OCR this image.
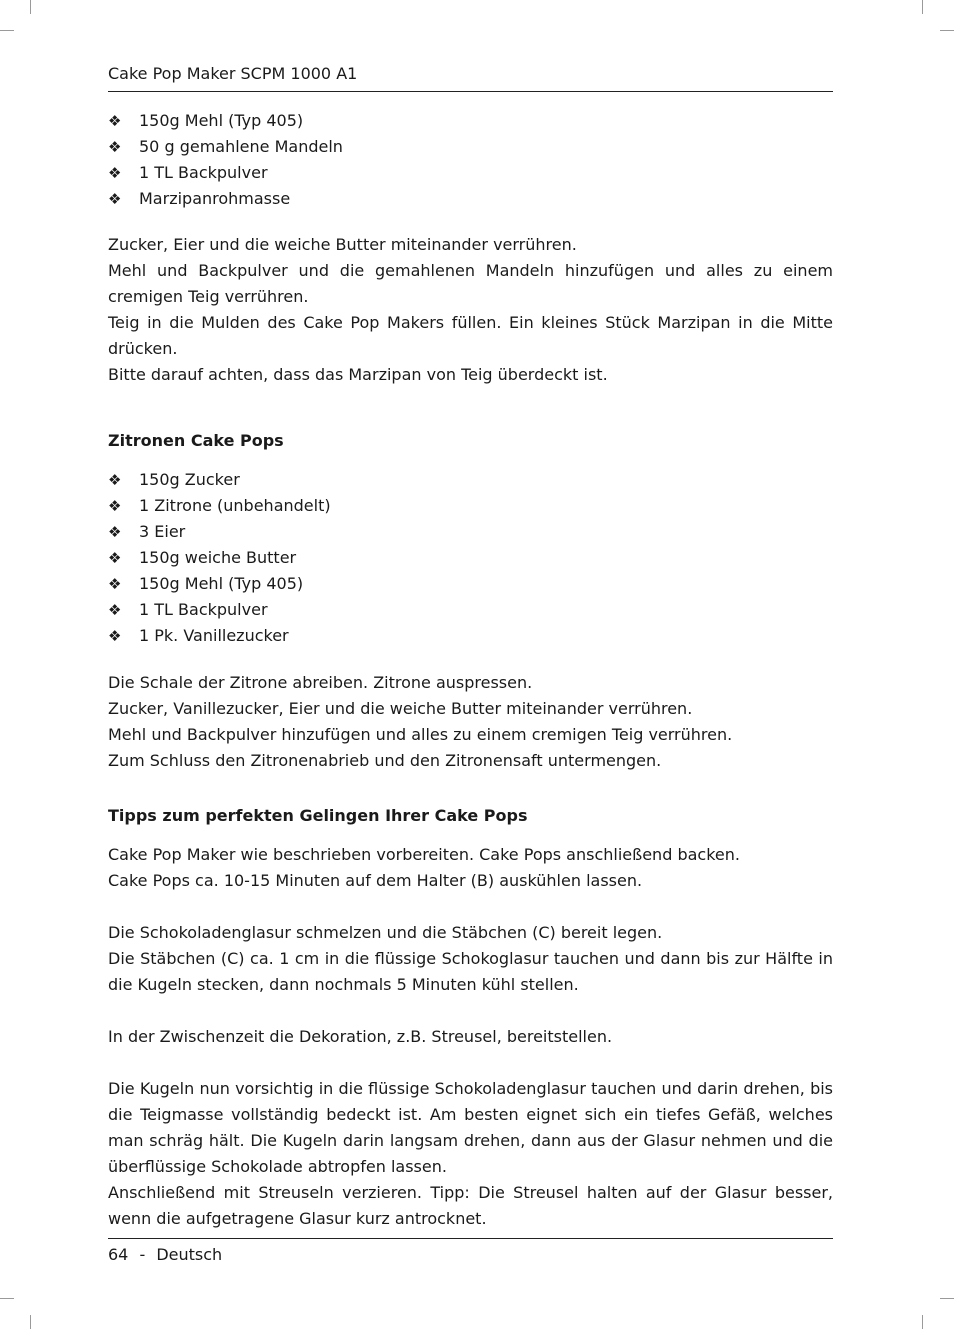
Cake Pop Maker SCPM 1000 A1
❖	150g Mehl (Typ 405)
❖	50 g gemahlene Mandeln
❖	1 TL Backpulver
❖	Marzipanrohmasse

Zucker, Eier und die weiche Butter miteinander verrühren.

Mehl und Backpulver und die gemahlenen Mandeln hinzufügen und alles zu einem cremigen Teig verrühren.

Teig in die Mulden des Cake Pop Makers füllen. Ein kleines Stück Marzipan in die Mitte drücken.

Bitte darauf achten, dass das Marzipan von Teig überdeckt ist.

Zitronen Cake Pops
❖	150g Zucker
❖	1 Zitrone (unbehandelt)
❖	3 Eier
❖	150g weiche Butter
❖	150g Mehl (Typ 405)
❖	1 TL Backpulver
❖	1 Pk. Vanillezucker

Die Schale der Zitrone abreiben. Zitrone auspressen.

Zucker, Vanillezucker, Eier und die weiche Butter miteinander verrühren.

Mehl und Backpulver hinzufügen und alles zu einem cremigen Teig verrühren.

Zum Schluss den Zitronenabrieb und den Zitronensaft untermengen.

Tipps zum perfekten Gelingen Ihrer Cake Pops

Cake Pop Maker wie beschrieben vorbereiten. Cake Pops anschließend backen.

Cake Pops ca. 10-15 Minuten auf dem Halter (B) auskühlen lassen.

Die Schokoladenglasur schmelzen und die Stäbchen (C) bereit legen.

Die Stäbchen (C) ca. 1 cm in die flüssige Schokoglasur tauchen und dann bis zur Hälfte in die Kugeln stecken, dann nochmals 5 Minuten kühl stellen.

In der Zwischenzeit die Dekoration, z.B. Streusel, bereitstellen.

Die Kugeln nun vorsichtig in die flüssige Schokoladenglasur tauchen und darin drehen, bis die Teigmasse vollständig bedeckt ist. Am besten eignet sich ein tiefes Gefäß, welches man schräg hält. Die Kugeln darin langsam drehen, dann aus der Glasur nehmen und die überflüssige Schokolade abtropfen lassen.

Anschließend mit Streuseln verzieren. Tipp: Die Streusel halten auf der Glasur besser, wenn die aufgetragene Glasur kurz antrocknet.

64 - Deutsch
